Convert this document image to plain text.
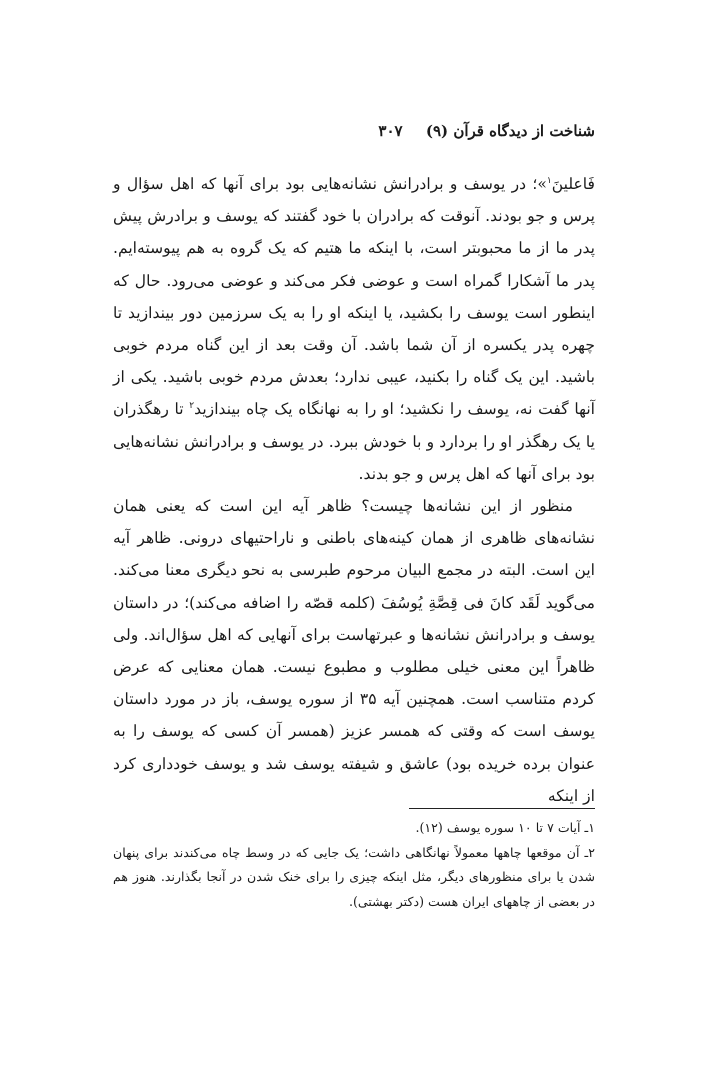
شناخت از دیدگاه قرآن (۹) ۳۰۷

فَاعلینَ$^۱$»؛ در یوسف و برادرانش نشانه‌هایی بود برای آنها که اهل سؤال و پرس و جو بودند. آنوقت که برادران با خود گفتند که یوسف و برادرش پیش پدر ما از ما محبوبتر است، با اینکه ما هتیم که یک گروه به هم پیوسته‌ایم. پدر ما آشکارا گمراه است و عوضی فکر می‌کند و عوضی می‌رود. حال که اینطور است یوسف را بکشید، یا اینکه او را به یک سرزمین دور بیندازید تا چهره پدر یکسره از آن شما باشد. آن وقت بعد از این گناه مردم خوبی باشید. این یک گناه را بکنید، عیبی ندارد؛ بعدش مردم خوبی باشید. یکی از آنها گفت نه، یوسف را نکشید؛ او را به نهانگاه یک چاه بیندازید$^۲$ تا رهگذران یا یک رهگذر او را بردارد و با خودش ببرد. در یوسف و برادرانش نشانه‌هایی بود برای آنها که اهل پرس و جو بدند.

منظور از این نشانه‌ها چیست؟ ظاهر آیه این است که یعنی همان نشانه‌های ظاهری از همان کینه‌های باطنی و ناراحتیهای درونی. ظاهر آیه این است. البته در مجمع البیان مرحوم طبرسی به نحو دیگری معنا می‌کند. می‌گوید لَقَد کانَ فی قِصَّةِ یُوسُفَ (کلمه قصّه را اضافه می‌کند)؛ در داستان یوسف و برادرانش نشانه‌ها و عبرتهاست برای آنهایی که اهل سؤال‌اند. ولی ظاهراً این معنی خیلی مطلوب و مطبوع نیست. همان معنایی که عرض کردم متناسب است. همچنین آیه ۳۵ از سوره یوسف، باز در مورد داستان یوسف است که وقتی که همسر عزیز (همسر آن کسی که یوسف را به عنوان برده خریده بود) عاشق و شیفته یوسف شد و یوسف خودداری کرد از اینکه

۱ـ آیات ۷ تا ۱۰ سوره یوسف (۱۲).

۲ـ آن موقعها چاهها معمولاً نهانگاهی داشت؛ یک جایی که در وسط چاه می‌کندند برای پنهان شدن یا برای منظورهای دیگر، مثل اینکه چیزی را برای خنک شدن در آنجا بگذارند. هنوز هم در بعضی از چاههای ایران هست (دکتر بهشتی).
